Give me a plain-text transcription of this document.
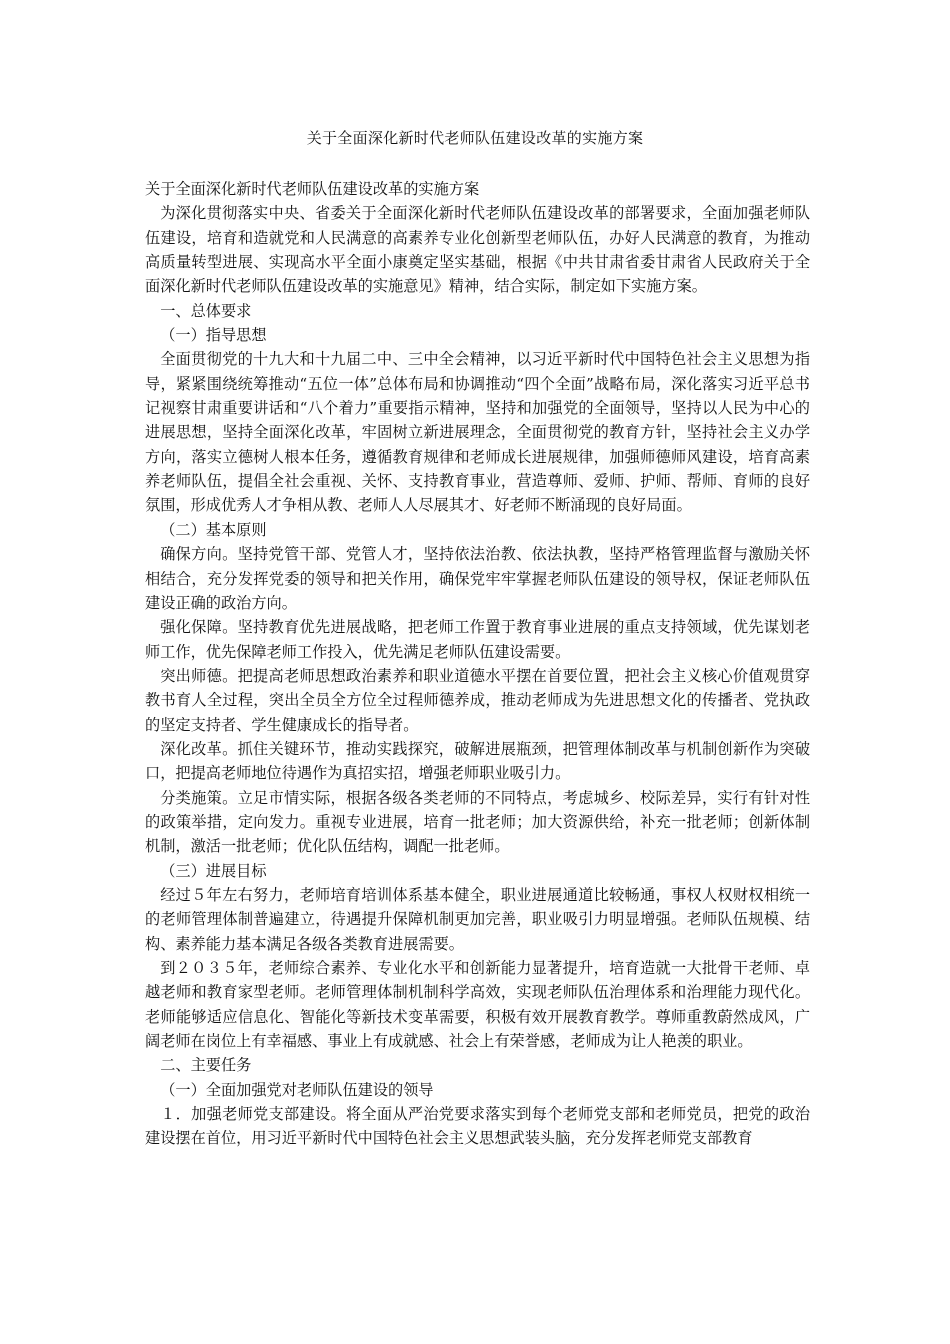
关于全面深化新时代老师队伍建设改革的实施方案

关于全面深化新时代老师队伍建设改革的实施方案

为深化贯彻落实中央、省委关于全面深化新时代老师队伍建设改革的部署要求，全面加强老师队伍建设，培育和造就党和人民满意的高素养专业化创新型老师队伍，办好人民满意的教育，为推动高质量转型进展、实现高水平全面小康奠定坚实基础，根据《中共甘肃省委甘肃省人民政府关于全面深化新时代老师队伍建设改革的实施意见》精神，结合实际，制定如下实施方案。

一、总体要求

（一）指导思想

全面贯彻党的十九大和十九届二中、三中全会精神，以习近平新时代中国特色社会主义思想为指导，紧紧围绕统筹推动“五位一体”总体布局和协调推动“四个全面”战略布局，深化落实习近平总书记视察甘肃重要讲话和“八个着力”重要指示精神，坚持和加强党的全面领导，坚持以人民为中心的进展思想，坚持全面深化改革，牢固树立新进展理念，全面贯彻党的教育方针，坚持社会主义办学方向，落实立德树人根本任务，遵循教育规律和老师成长进展规律，加强师德师风建设，培育高素养老师队伍，提倡全社会重视、关怀、支持教育事业，营造尊师、爱师、护师、帮师、育师的良好氛围，形成优秀人才争相从教、老师人人尽展其才、好老师不断涌现的良好局面。

（二）基本原则

确保方向。坚持党管干部、党管人才，坚持依法治教、依法执教，坚持严格管理监督与激励关怀相结合，充分发挥党委的领导和把关作用，确保党牢牢掌握老师队伍建设的领导权，保证老师队伍建设正确的政治方向。

强化保障。坚持教育优先进展战略，把老师工作置于教育事业进展的重点支持领域，优先谋划老师工作，优先保障老师工作投入，优先满足老师队伍建设需要。

突出师德。把提高老师思想政治素养和职业道德水平摆在首要位置，把社会主义核心价值观贯穿教书育人全过程，突出全员全方位全过程师德养成，推动老师成为先进思想文化的传播者、党执政的坚定支持者、学生健康成长的指导者。

深化改革。抓住关键环节，推动实践探究，破解进展瓶颈，把管理体制改革与机制创新作为突破口，把提高老师地位待遇作为真招实招，增强老师职业吸引力。

分类施策。立足市情实际，根据各级各类老师的不同特点，考虑城乡、校际差异，实行有针对性的政策举措，定向发力。重视专业进展，培育一批老师；加大资源供给，补充一批老师；创新体制机制，激活一批老师；优化队伍结构，调配一批老师。

（三）进展目标

经过５年左右努力，老师培育培训体系基本健全，职业进展通道比较畅通，事权人权财权相统一的老师管理体制普遍建立，待遇提升保障机制更加完善，职业吸引力明显增强。老师队伍规模、结构、素养能力基本满足各级各类教育进展需要。

到２０３５年，老师综合素养、专业化水平和创新能力显著提升，培育造就一大批骨干老师、卓越老师和教育家型老师。老师管理体制机制科学高效，实现老师队伍治理体系和治理能力现代化。老师能够适应信息化、智能化等新技术变革需要，积极有效开展教育教学。尊师重教蔚然成风，广阔老师在岗位上有幸福感、事业上有成就感、社会上有荣誉感，老师成为让人艳羡的职业。

二、主要任务

（一）全面加强党对老师队伍建设的领导

１．加强老师党支部建设。将全面从严治党要求落实到每个老师党支部和老师党员，把党的政治建设摆在首位，用习近平新时代中国特色社会主义思想武装头脑，充分发挥老师党支部教育
